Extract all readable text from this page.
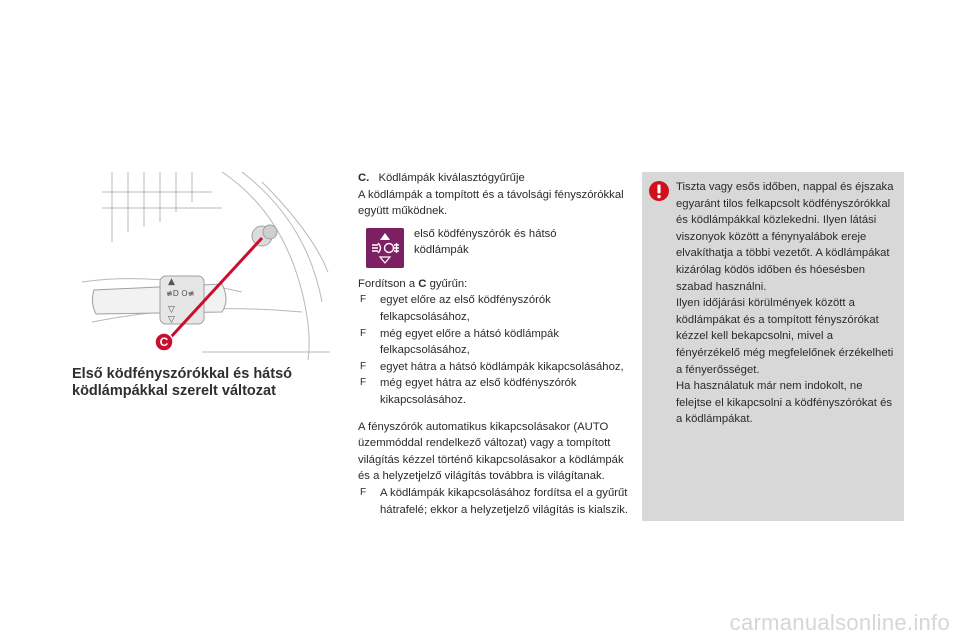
▲
≢D O≢
▽
▽
C
Első ködfényszórókkal és hátsó
ködlámpákkal szerelt változat

C. Ködlámpák kiválasztógyűrűje

A ködlámpák a tompított és a távolsági fényszórókkal együtt működnek.

első ködfényszórók és hátsó ködlámpák

Fordítson a C gyűrűn:

F egyet előre az első ködfényszórók felkapcsolásához,
F még egyet előre a hátsó ködlámpák felkapcsolásához,
F egyet hátra a hátsó ködlámpák kikapcsolásához,
F még egyet hátra az első ködfényszórók kikapcsolásához.

A fényszórók automatikus kikapcsolásakor (AUTO üzemmóddal rendelkező változat) vagy a tompított világítás kézzel történő kikapcsolásakor a ködlámpák és a helyzetjelző világítás továbbra is világítanak.

F A ködlámpák kikapcsolásához fordítsa el a gyűrűt hátrafelé; ekkor a helyzetjelző világítás is kialszik.
Tiszta vagy esős időben, nappal és éjszaka egyaránt tilos felkapcsolt ködfényszórókkal és ködlámpákkal közlekedni. Ilyen látási viszonyok között a fénynyalábok ereje elvakíthatja a többi vezetőt. A ködlámpákat kizárólag ködös időben és hóesésben szabad használni.
Ilyen időjárási körülmények között a ködlámpákat és a tompított fényszórókat kézzel kell bekapcsolni, mivel a fényérzékelő még megfelelőnek érzékelheti a fényerősséget.
Ha használatuk már nem indokolt, ne felejtse el kikapcsolni a ködfényszórókat és a ködlámpákat.
carmanualsonline.info
